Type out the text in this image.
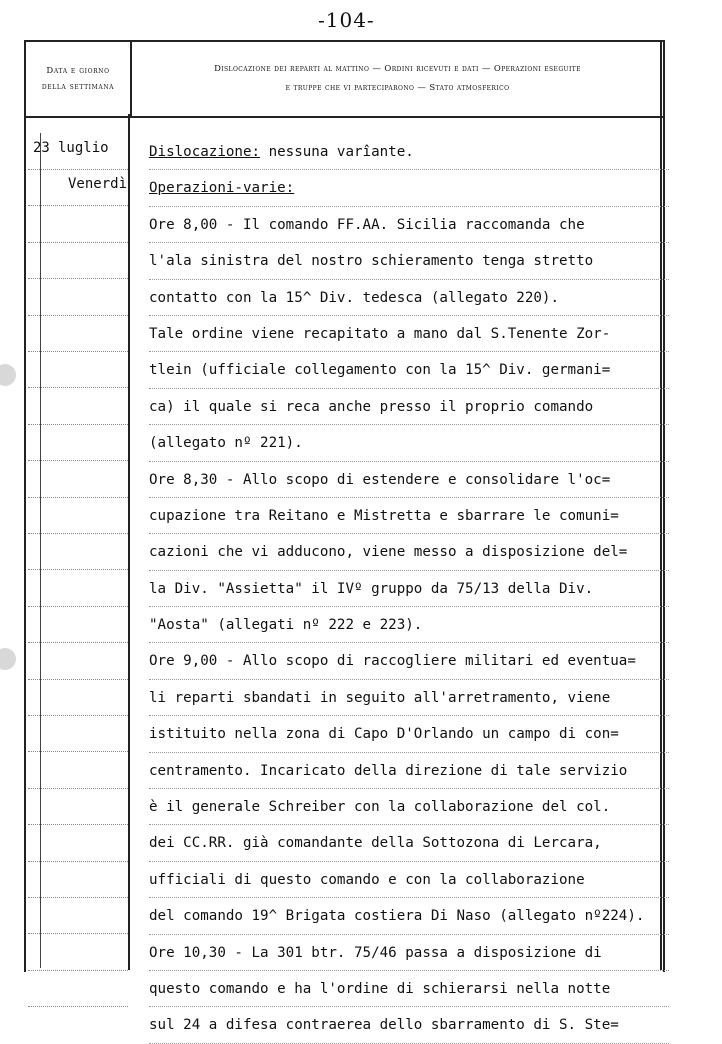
-104-
Data e giorno
della settimana
Dislocazione dei reparti al mattino — Ordini ricevuti e dati — Operazioni eseguite
e truppe che vi parteciparono — Stato atmosferico
23 luglio
Venerdì
Dislocazione: nessuna varîante.
Operazioni-varie:
Ore 8,00 - Il comando FF.AA. Sicilia raccomanda che
l'ala sinistra del nostro schieramento tenga stretto
contatto con la 15^ Div. tedesca (allegato 220).
Tale ordine viene recapitato a mano dal S.Tenente Zor-
tlein (ufficiale collegamento con la 15^ Div. germani=
ca) il quale si reca anche presso il proprio comando
(allegato nº 221).
Ore 8,30 - Allo scopo di estendere e consolidare l'oc=
cupazione tra Reitano e Mistretta e sbarrare le comuni=
cazioni che vi adducono, viene messo a disposizione del=
la Div. "Assietta" il IVº gruppo da 75/13 della Div.
"Aosta" (allegati nº 222 e 223).
Ore 9,00 - Allo scopo di raccogliere militari ed eventua=
li reparti sbandati in seguito all'arretramento, viene
istituito nella zona di Capo D'Orlando un campo di con=
centramento. Incaricato della direzione di tale servizio
è il generale Schreiber con la collaborazione del col.
dei CC.RR. già comandante della Sottozona di Lercara,
ufficiali di questo comando e con la collaborazione
del comando 19^ Brigata costiera Di Naso (allegato nº224).
Ore 10,30 - La 301 btr. 75/46 passa a disposizione di
questo comando e ha l'ordine di schierarsi nella notte
sul 24 a difesa contraerea dello sbarramento di S. Ste=
